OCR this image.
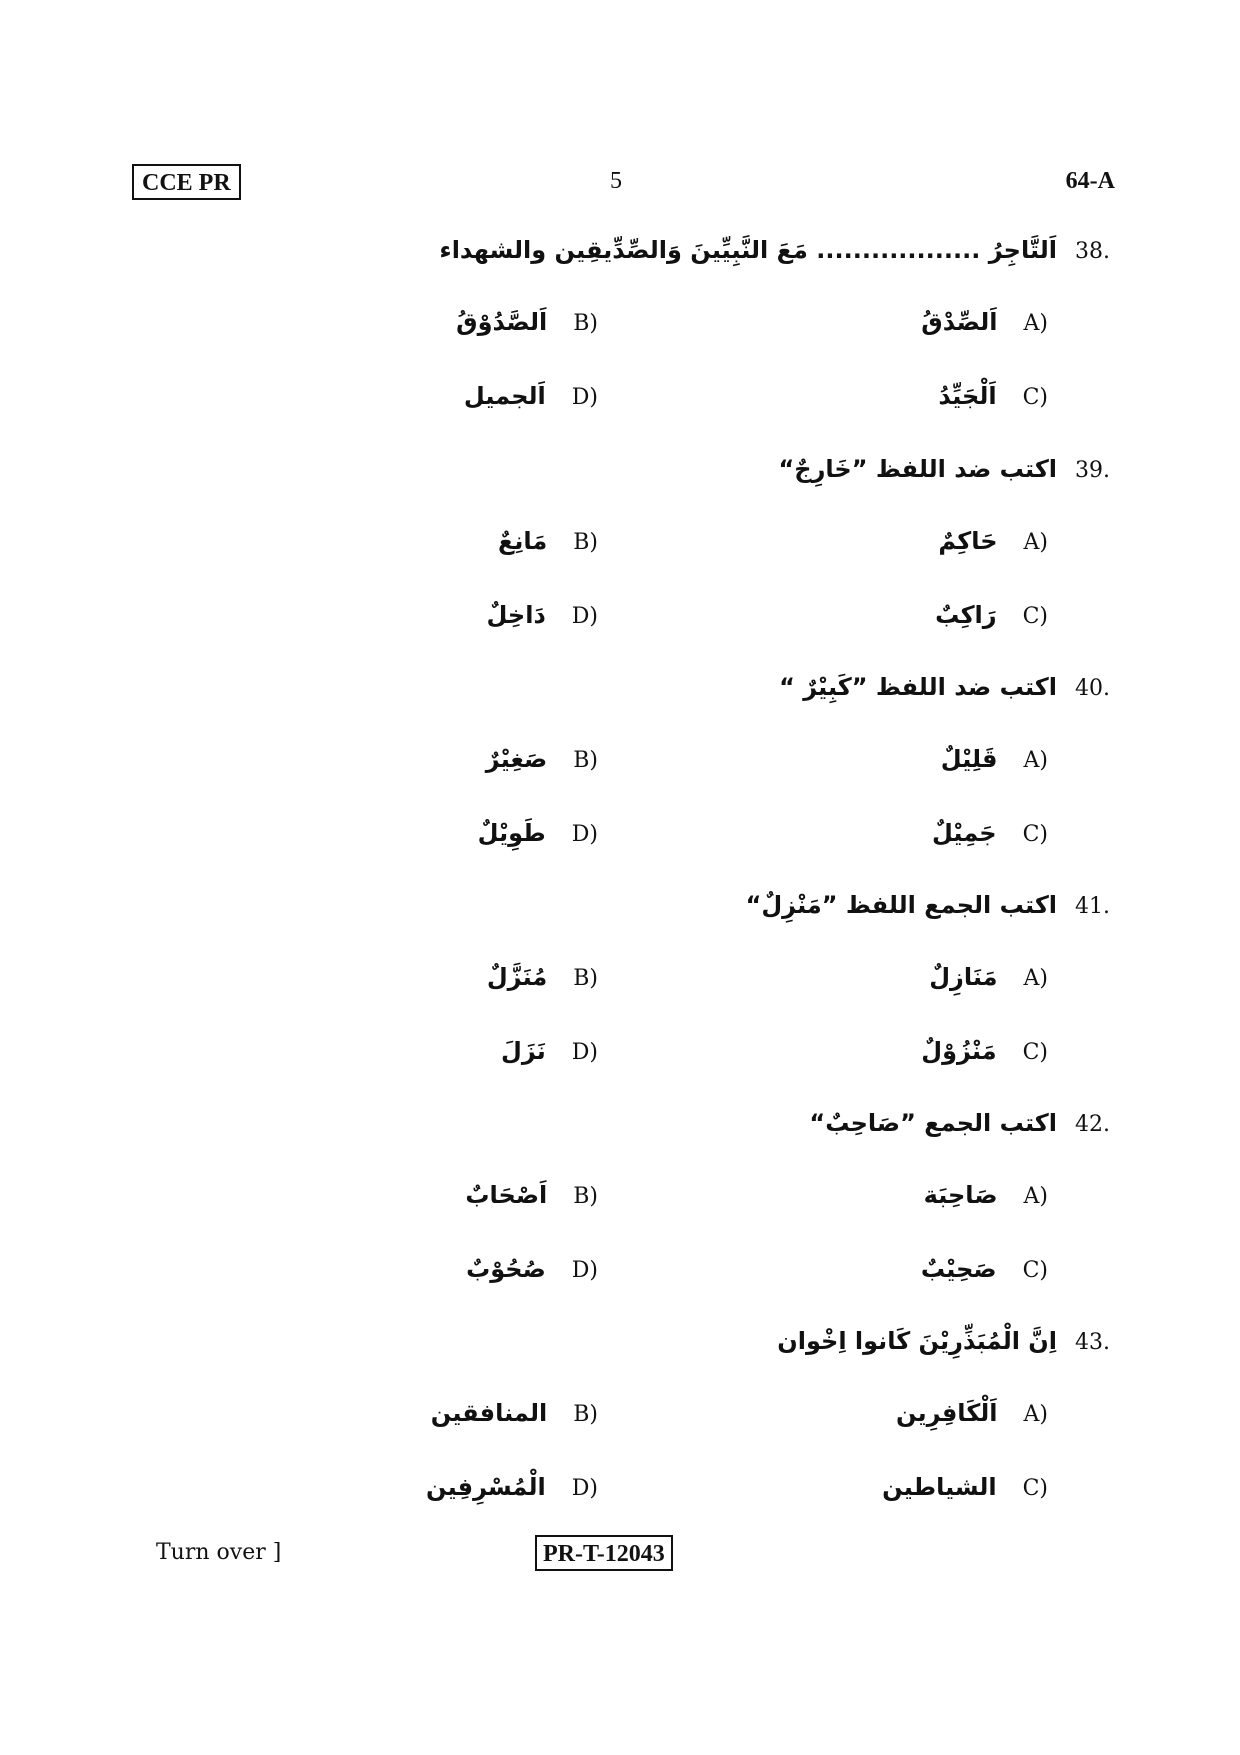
CCE PR	5	64-A
38.
اَلتَّاجِرُ .................. مَعَ النَّبِيِّينَ وَالصِّدِّيقِين والشهداء
A)
اَلصِّدْقُ
B)
اَلصَّدُوْقُ
C)
اَلْجَيِّدُ
D)
اَلجميل
39.
اكتب ضد اللفظ ”خَارِجٌ“
A)
حَاكِمٌ
B)
مَانِعٌ
C)
رَاكِبٌ
D)
دَاخِلٌ
40.
اكتب ضد اللفظ ”كَبِيْرٌ “
A)
قَلِيْلٌ
B)
صَغِيْرٌ
C)
جَمِيْلٌ
D)
طَوِيْلٌ
41.
اكتب الجمع اللفظ ”مَنْزِلٌ“
A)
مَنَازِلٌ
B)
مُنَزَّلٌ
C)
مَنْزُوْلٌ
D)
نَزَلَ
42.
اكتب الجمع ”صَاحِبٌ“
A)
صَاحِبَة
B)
اَصْحَابٌ
C)
صَحِيْبٌ
D)
صُحُوْبٌ
43.
اِنَّ الْمُبَذِّرِيْنَ كَانوا اِخْوان
A)
اَلْكَافِرِين
B)
المنافقين
C)
الشياطين
D)
الْمُسْرِفِين
Turn over ]	PR-T-12043
